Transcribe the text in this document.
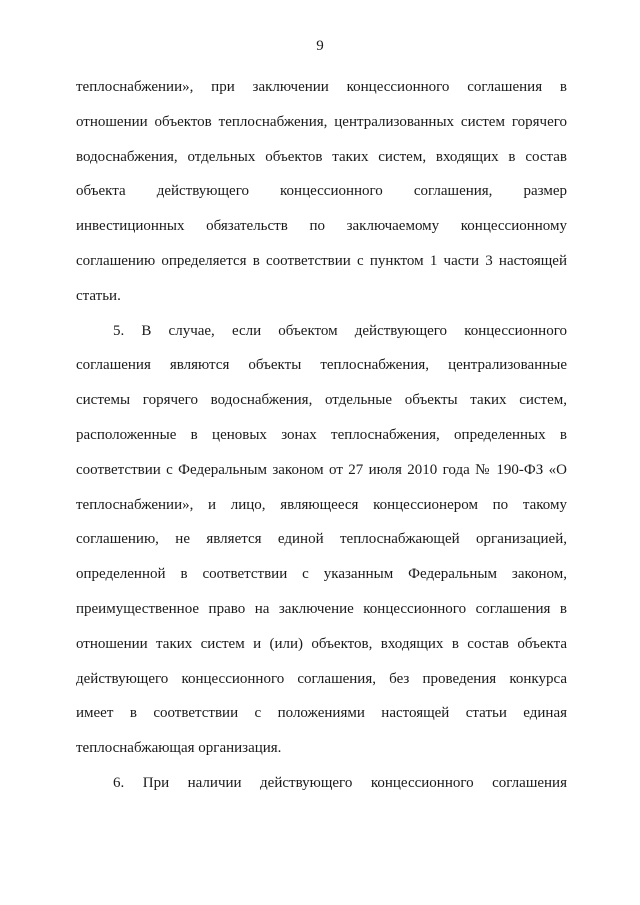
9
теплоснабжении», при заключении концессионного соглашения в
отношении объектов теплоснабжения, централизованных систем горячего
водоснабжения, отдельных объектов таких систем, входящих в состав
объекта действующего концессионного соглашения, размер
инвестиционных обязательств по заключаемому концессионному
соглашению определяется в соответствии с пунктом 1 части 3 настоящей
статьи.
5. В случае, если объектом действующего концессионного
соглашения являются объекты теплоснабжения, централизованные
системы горячего водоснабжения, отдельные объекты таких систем,
расположенные в ценовых зонах теплоснабжения, определенных в
соответствии с Федеральным законом от 27 июля 2010 года № 190-ФЗ «О
теплоснабжении», и лицо, являющееся концессионером по такому
соглашению, не является единой теплоснабжающей организацией,
определенной в соответствии с указанным Федеральным законом,
преимущественное право на заключение концессионного соглашения в
отношении таких систем и (или) объектов, входящих в состав объекта
действующего концессионного соглашения, без проведения конкурса
имеет в соответствии с положениями настоящей статьи единая
теплоснабжающая организация.
6. При наличии действующего концессионного соглашения
